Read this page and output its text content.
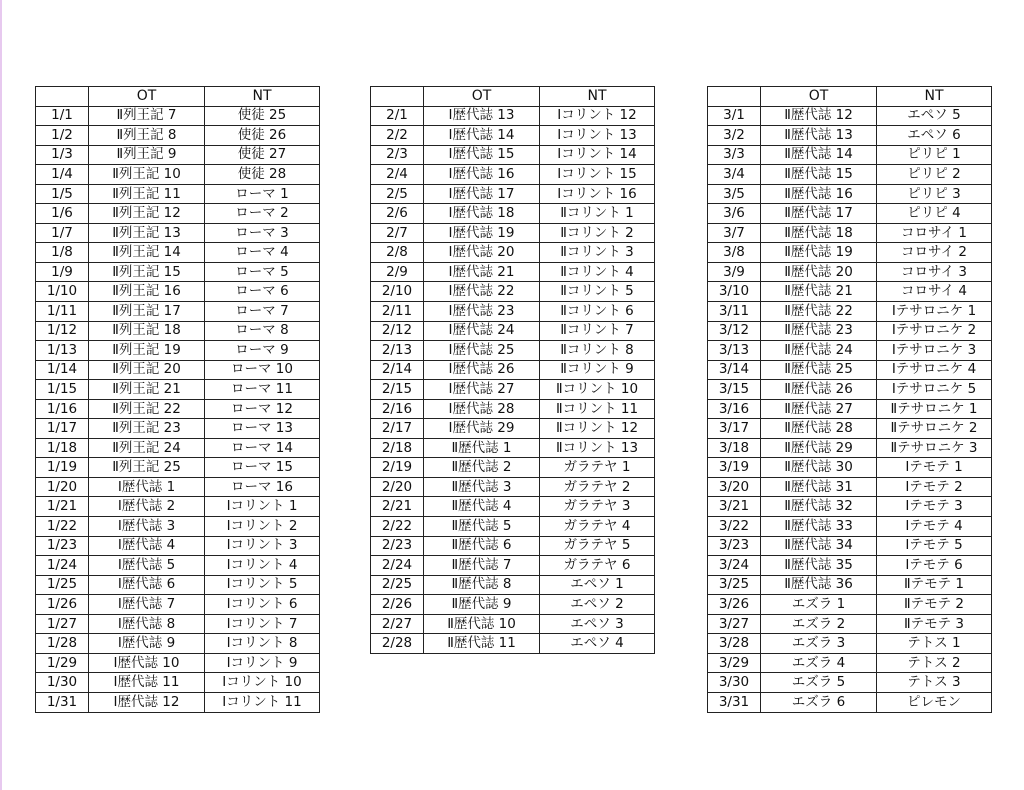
	OT	NT
1/1	Ⅱ列王記 7	使徒 25
1/2	Ⅱ列王記 8	使徒 26
1/3	Ⅱ列王記 9	使徒 27
1/4	Ⅱ列王記 10	使徒 28
1/5	Ⅱ列王記 11	ローマ 1
1/6	Ⅱ列王記 12	ローマ 2
1/7	Ⅱ列王記 13	ローマ 3
1/8	Ⅱ列王記 14	ローマ 4
1/9	Ⅱ列王記 15	ローマ 5
1/10	Ⅱ列王記 16	ローマ 6
1/11	Ⅱ列王記 17	ローマ 7
1/12	Ⅱ列王記 18	ローマ 8
1/13	Ⅱ列王記 19	ローマ 9
1/14	Ⅱ列王記 20	ローマ 10
1/15	Ⅱ列王記 21	ローマ 11
1/16	Ⅱ列王記 22	ローマ 12
1/17	Ⅱ列王記 23	ローマ 13
1/18	Ⅱ列王記 24	ローマ 14
1/19	Ⅱ列王記 25	ローマ 15
1/20	Ⅰ歴代誌 1	ローマ 16
1/21	Ⅰ歴代誌 2	Ⅰコリント 1
1/22	Ⅰ歴代誌 3	Ⅰコリント 2
1/23	Ⅰ歴代誌 4	Ⅰコリント 3
1/24	Ⅰ歴代誌 5	Ⅰコリント 4
1/25	Ⅰ歴代誌 6	Ⅰコリント 5
1/26	Ⅰ歴代誌 7	Ⅰコリント 6
1/27	Ⅰ歴代誌 8	Ⅰコリント 7
1/28	Ⅰ歴代誌 9	Ⅰコリント 8
1/29	Ⅰ歴代誌 10	Ⅰコリント 9
1/30	Ⅰ歴代誌 11	Ⅰコリント 10
1/31	Ⅰ歴代誌 12	Ⅰコリント 11
	OT	NT
2/1	Ⅰ歴代誌 13	Ⅰコリント 12
2/2	Ⅰ歴代誌 14	Ⅰコリント 13
2/3	Ⅰ歴代誌 15	Ⅰコリント 14
2/4	Ⅰ歴代誌 16	Ⅰコリント 15
2/5	Ⅰ歴代誌 17	Ⅰコリント 16
2/6	Ⅰ歴代誌 18	Ⅱコリント 1
2/7	Ⅰ歴代誌 19	Ⅱコリント 2
2/8	Ⅰ歴代誌 20	Ⅱコリント 3
2/9	Ⅰ歴代誌 21	Ⅱコリント 4
2/10	Ⅰ歴代誌 22	Ⅱコリント 5
2/11	Ⅰ歴代誌 23	Ⅱコリント 6
2/12	Ⅰ歴代誌 24	Ⅱコリント 7
2/13	Ⅰ歴代誌 25	Ⅱコリント 8
2/14	Ⅰ歴代誌 26	Ⅱコリント 9
2/15	Ⅰ歴代誌 27	Ⅱコリント 10
2/16	Ⅰ歴代誌 28	Ⅱコリント 11
2/17	Ⅰ歴代誌 29	Ⅱコリント 12
2/18	Ⅱ歴代誌 1	Ⅱコリント 13
2/19	Ⅱ歴代誌 2	ガラテヤ 1
2/20	Ⅱ歴代誌 3	ガラテヤ 2
2/21	Ⅱ歴代誌 4	ガラテヤ 3
2/22	Ⅱ歴代誌 5	ガラテヤ 4
2/23	Ⅱ歴代誌 6	ガラテヤ 5
2/24	Ⅱ歴代誌 7	ガラテヤ 6
2/25	Ⅱ歴代誌 8	エペソ 1
2/26	Ⅱ歴代誌 9	エペソ 2
2/27	Ⅱ歴代誌 10	エペソ 3
2/28	Ⅱ歴代誌 11	エペソ 4
	OT	NT
3/1	Ⅱ歴代誌 12	エペソ 5
3/2	Ⅱ歴代誌 13	エペソ 6
3/3	Ⅱ歴代誌 14	ピリピ 1
3/4	Ⅱ歴代誌 15	ピリピ 2
3/5	Ⅱ歴代誌 16	ピリピ 3
3/6	Ⅱ歴代誌 17	ピリピ 4
3/7	Ⅱ歴代誌 18	コロサイ 1
3/8	Ⅱ歴代誌 19	コロサイ 2
3/9	Ⅱ歴代誌 20	コロサイ 3
3/10	Ⅱ歴代誌 21	コロサイ 4
3/11	Ⅱ歴代誌 22	Ⅰテサロニケ 1
3/12	Ⅱ歴代誌 23	Ⅰテサロニケ 2
3/13	Ⅱ歴代誌 24	Ⅰテサロニケ 3
3/14	Ⅱ歴代誌 25	Ⅰテサロニケ 4
3/15	Ⅱ歴代誌 26	Ⅰテサロニケ 5
3/16	Ⅱ歴代誌 27	Ⅱテサロニケ 1
3/17	Ⅱ歴代誌 28	Ⅱテサロニケ 2
3/18	Ⅱ歴代誌 29	Ⅱテサロニケ 3
3/19	Ⅱ歴代誌 30	Ⅰテモテ 1
3/20	Ⅱ歴代誌 31	Ⅰテモテ 2
3/21	Ⅱ歴代誌 32	Ⅰテモテ 3
3/22	Ⅱ歴代誌 33	Ⅰテモテ 4
3/23	Ⅱ歴代誌 34	Ⅰテモテ 5
3/24	Ⅱ歴代誌 35	Ⅰテモテ 6
3/25	Ⅱ歴代誌 36	Ⅱテモテ 1
3/26	エズラ 1	Ⅱテモテ 2
3/27	エズラ 2	Ⅱテモテ 3
3/28	エズラ 3	テトス 1
3/29	エズラ 4	テトス 2
3/30	エズラ 5	テトス 3
3/31	エズラ 6	ピレモン
